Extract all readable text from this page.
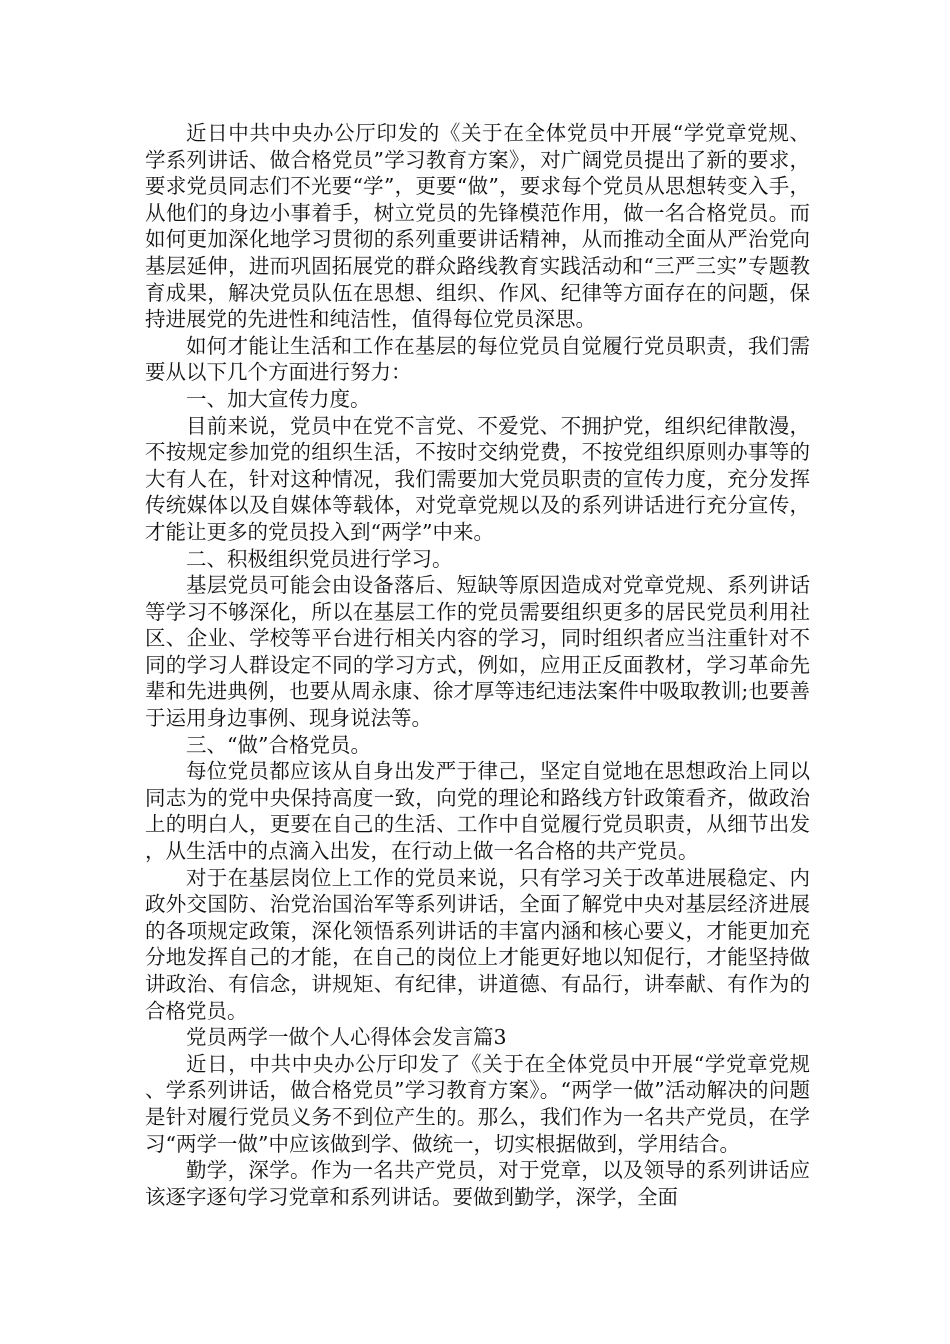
近日中共中央办公厅印发的《关于在全体党员中开展“学党章党规、学系列讲话、做合格党员”学习教育方案》，对广阔党员提出了新的要求，要求党员同志们不光要“学”，更要“做”，要求每个党员从思想转变入手，从他们的身边小事着手，树立党员的先锋模范作用，做一名合格党员。而如何更加深化地学习贯彻的系列重要讲话精神，从而推动全面从严治党向基层延伸，进而巩固拓展党的群众路线教育实践活动和“三严三实”专题教育成果，解决党员队伍在思想、组织、作风、纪律等方面存在的问题，保持进展党的先进性和纯洁性，值得每位党员深思。

如何才能让生活和工作在基层的每位党员自觉履行党员职责，我们需要从以下几个方面进行努力：

一、加大宣传力度。

目前来说，党员中在党不言党、不爱党、不拥护党，组织纪律散漫，不按规定参加党的组织生活，不按时交纳党费，不按党组织原则办事等的大有人在，针对这种情况，我们需要加大党员职责的宣传力度，充分发挥传统媒体以及自媒体等载体，对党章党规以及的系列讲话进行充分宣传，才能让更多的党员投入到“两学”中来。

二、积极组织党员进行学习。

基层党员可能会由设备落后、短缺等原因造成对党章党规、系列讲话等学习不够深化，所以在基层工作的党员需要组织更多的居民党员利用社区、企业、学校等平台进行相关内容的学习，同时组织者应当注重针对不同的学习人群设定不同的学习方式，例如，应用正反面教材，学习革命先辈和先进典例，也要从周永康、徐才厚等违纪违法案件中吸取教训;也要善于运用身边事例、现身说法等。

三、“做”合格党员。

每位党员都应该从自身出发严于律己，坚定自觉地在思想政治上同以同志为的党中央保持高度一致，向党的理论和路线方针政策看齐，做政治上的明白人，更要在自己的生活、工作中自觉履行党员职责，从细节出发，从生活中的点滴入出发，在行动上做一名合格的共产党员。

对于在基层岗位上工作的党员来说，只有学习关于改革进展稳定、内政外交国防、治党治国治军等系列讲话，全面了解党中央对基层经济进展的各项规定政策，深化领悟系列讲话的丰富内涵和核心要义，才能更加充分地发挥自己的才能，在自己的岗位上才能更好地以知促行，才能坚持做讲政治、有信念，讲规矩、有纪律，讲道德、有品行，讲奉献、有作为的合格党员。

党员两学一做个人心得体会发言篇3

近日，中共中央办公厅印发了《关于在全体党员中开展“学党章党规、学系列讲话，做合格党员”学习教育方案》。“两学一做”活动解决的问题是针对履行党员义务不到位产生的。那么，我们作为一名共产党员，在学习“两学一做”中应该做到学、做统一，切实根据做到，学用结合。

勤学，深学。作为一名共产党员，对于党章，以及领导的系列讲话应该逐字逐句学习党章和系列讲话。要做到勤学，深学，全面
